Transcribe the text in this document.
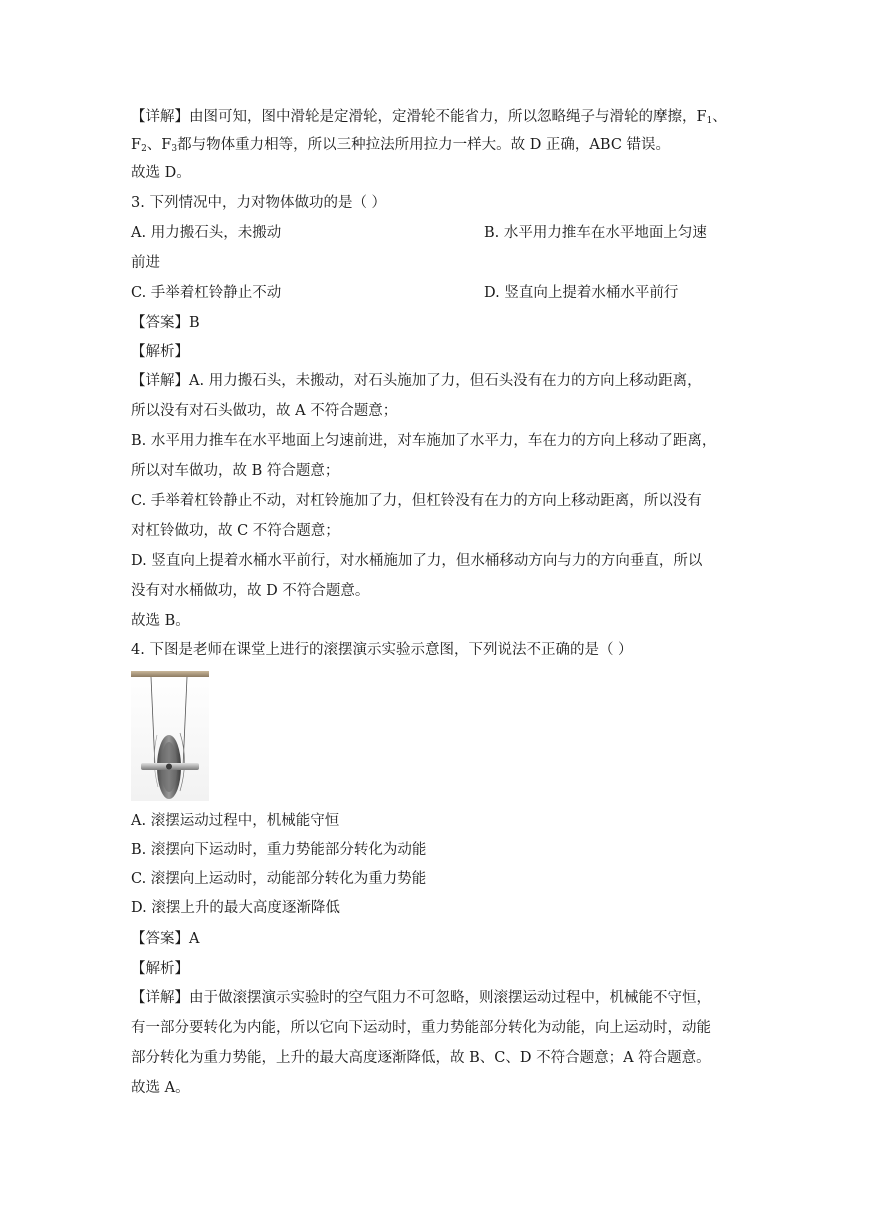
【详解】由图可知，图中滑轮是定滑轮，定滑轮不能省力，所以忽略绳子与滑轮的摩擦，$F_1$、
$F_2$、$F_3$都与物体重力相等，所以三种拉法所用拉力一样大。故 D 正确，ABC 错误。
故选 D。
3. 下列情况中，力对物体做功的是（ ）
A. 用力搬石头，未搬动	B. 水平用力推车在水平地面上匀速
前进
C. 手举着杠铃静止不动	D. 竖直向上提着水桶水平前行
【答案】B
【解析】
【详解】A. 用力搬石头，未搬动，对石头施加了力，但石头没有在力的方向上移动距离，
所以没有对石头做功，故 A 不符合题意；
B. 水平用力推车在水平地面上匀速前进，对车施加了水平力，车在力的方向上移动了距离，
所以对车做功，故 B 符合题意；
C. 手举着杠铃静止不动，对杠铃施加了力，但杠铃没有在力的方向上移动距离，所以没有
对杠铃做功，故 C 不符合题意；
D. 竖直向上提着水桶水平前行，对水桶施加了力，但水桶移动方向与力的方向垂直，所以
没有对水桶做功，故 D 不符合题意。
故选 B。
4. 下图是老师在课堂上进行的滚摆演示实验示意图，下列说法不正确的是（ ）
A. 滚摆运动过程中，机械能守恒
B. 滚摆向下运动时，重力势能部分转化为动能
C. 滚摆向上运动时，动能部分转化为重力势能
D. 滚摆上升的最大高度逐渐降低
【答案】A
【解析】
【详解】由于做滚摆演示实验时的空气阻力不可忽略，则滚摆运动过程中，机械能不守恒，
有一部分要转化为内能，所以它向下运动时，重力势能部分转化为动能，向上运动时，动能
部分转化为重力势能，上升的最大高度逐渐降低，故 B、C、D 不符合题意；A 符合题意。
故选 A。
